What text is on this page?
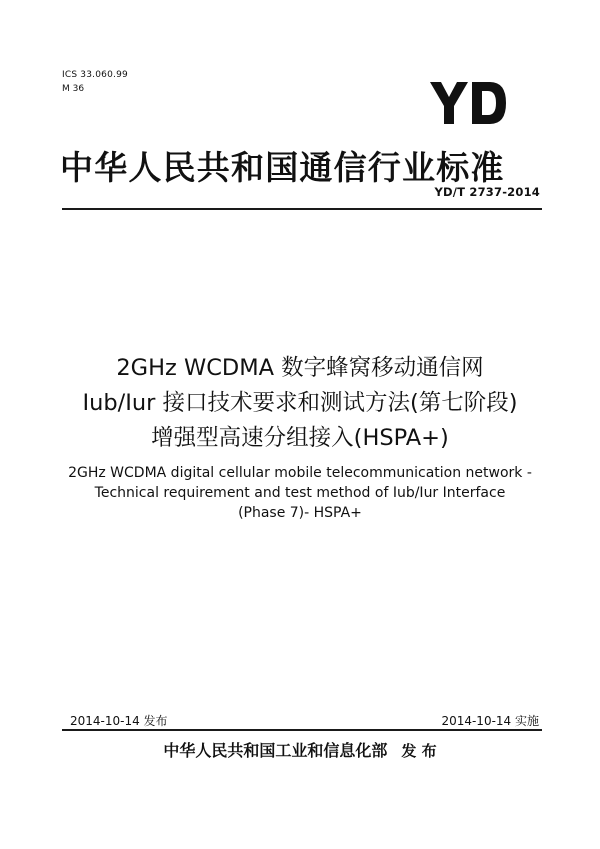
ICS 33.060.99
M 36
中华人民共和国通信行业标准
YD/T 2737-2014
2GHz WCDMA 数字蜂窝移动通信网
Iub/Iur 接口技术要求和测试方法(第七阶段)
增强型高速分组接入(HSPA+)
2GHz WCDMA digital cellular mobile telecommunication network -
Technical requirement and test method of Iub/Iur Interface
(Phase 7)- HSPA+
2014-10-14 发布	2014-10-14 实施
中华人民共和国工业和信息化部 发 布
